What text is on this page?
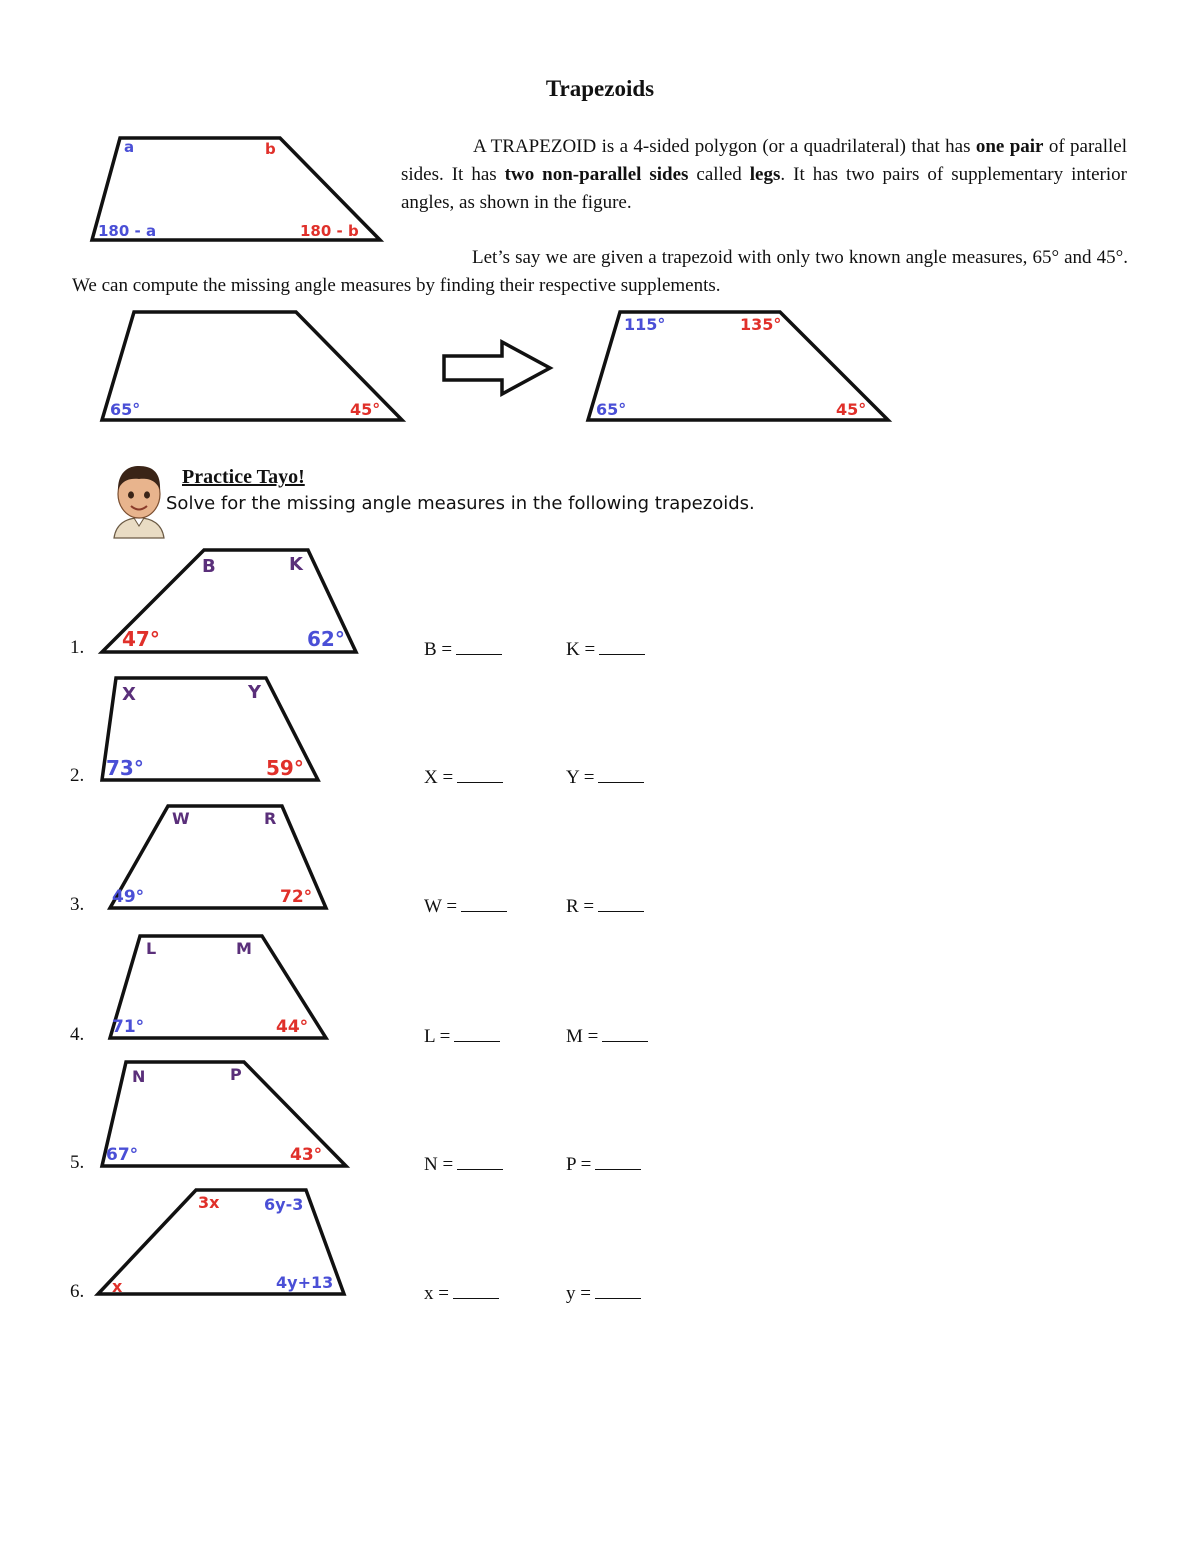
Trapezoids
a	b
180 - a	180 - b
A TRAPEZOID is a 4-sided polygon (or a quadrilateral) that has one pair of parallel sides. It has two non-parallel sides called legs. It has two pairs of supplementary interior angles, as shown in the figure.
Let’s say we are given a trapezoid with only two known angle measures, 65° and 45°. We can compute the missing angle measures by finding their respective supplements.
65°	45°
115°	135°
65°	45°
Practice Tayo!
Solve for the missing angle measures in the following trapezoids.
B	K
47°	62°
1.	B =	K =
X	Y
73°	59°
2.	X =	Y =
W	R
49°	72°
3.	W =	R =
L	M
71°	44°
4.	L =	M =
N	P
67°	43°
5.	N =	P =
3x	6y-3
x	4y+13
6.	x =	y =
